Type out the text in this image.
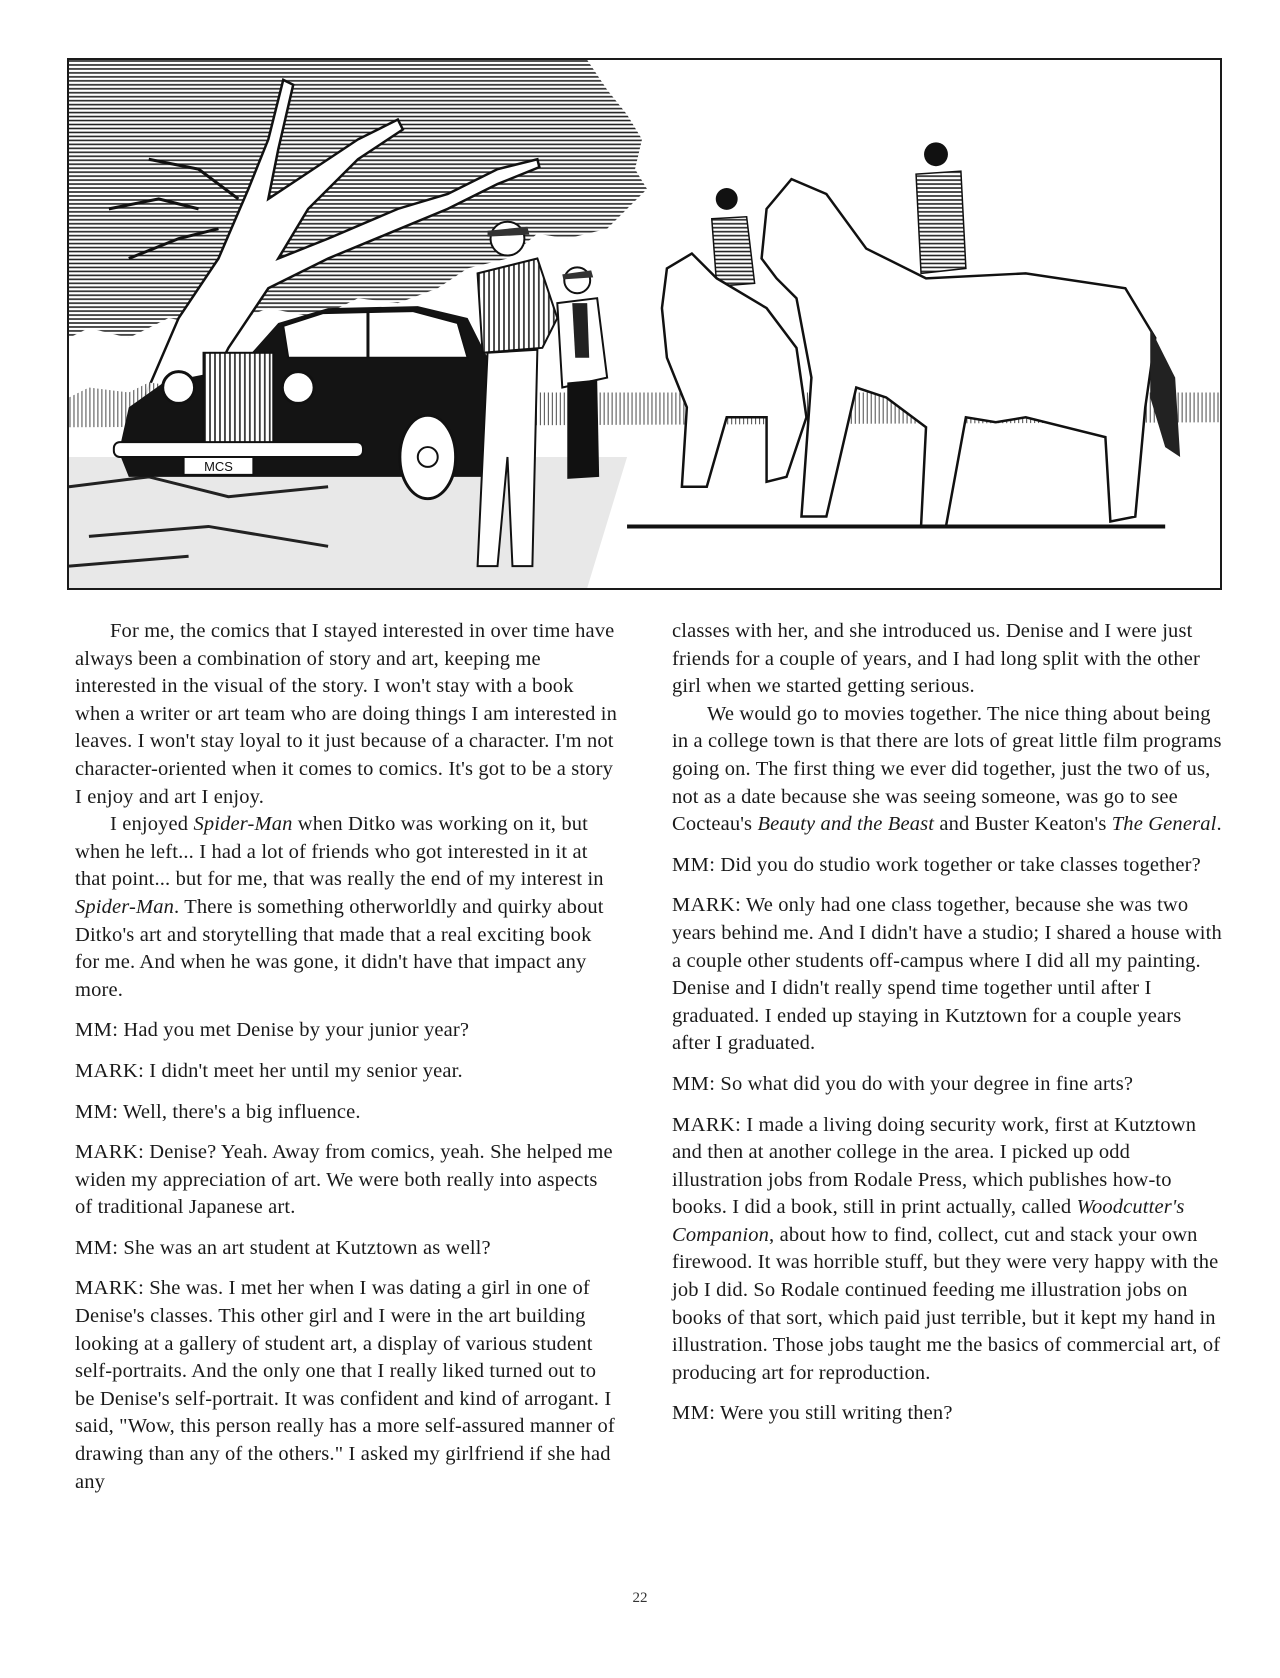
MCS

For me, the comics that I stayed interested in over time have always been a combination of story and art, keeping me interested in the visual of the story. I won't stay with a book when a writer or art team who are doing things I am interested in leaves. I won't stay loyal to it just because of a character. I'm not character-oriented when it comes to comics. It's got to be a story I enjoy and art I enjoy.

I enjoyed Spider-Man when Ditko was working on it, but when he left... I had a lot of friends who got interested in it at that point... but for me, that was really the end of my interest in Spider-Man. There is something otherworldly and quirky about Ditko's art and storytelling that made that a real exciting book for me. And when he was gone, it didn't have that impact any more.

MM: Had you met Denise by your junior year?

MARK: I didn't meet her until my senior year.

MM: Well, there's a big influence.

MARK: Denise? Yeah. Away from comics, yeah. She helped me widen my appreciation of art. We were both really into aspects of traditional Japanese art.

MM: She was an art student at Kutztown as well?

MARK: She was. I met her when I was dating a girl in one of Denise's classes. This other girl and I were in the art building looking at a gallery of student art, a display of various student self-portraits. And the only one that I really liked turned out to be Denise's self-portrait. It was confident and kind of arrogant. I said, "Wow, this person really has a more self-assured manner of drawing than any of the others." I asked my girlfriend if she had any

classes with her, and she introduced us. Denise and I were just friends for a couple of years, and I had long split with the other girl when we started getting serious.

We would go to movies together. The nice thing about being in a college town is that there are lots of great little film programs going on. The first thing we ever did together, just the two of us, not as a date because she was seeing someone, was go to see Cocteau's Beauty and the Beast and Buster Keaton's The General.

MM: Did you do studio work together or take classes together?

MARK: We only had one class together, because she was two years behind me. And I didn't have a studio; I shared a house with a couple other students off-campus where I did all my painting. Denise and I didn't really spend time together until after I graduated. I ended up staying in Kutztown for a couple years after I graduated.

MM: So what did you do with your degree in fine arts?

MARK: I made a living doing security work, first at Kutztown and then at another college in the area. I picked up odd illustration jobs from Rodale Press, which publishes how-to books. I did a book, still in print actually, called Woodcutter's Companion, about how to find, collect, cut and stack your own firewood. It was horrible stuff, but they were very happy with the job I did. So Rodale continued feeding me illustration jobs on books of that sort, which paid just terrible, but it kept my hand in illustration. Those jobs taught me the basics of commercial art, of producing art for reproduction.

MM: Were you still writing then?

22
